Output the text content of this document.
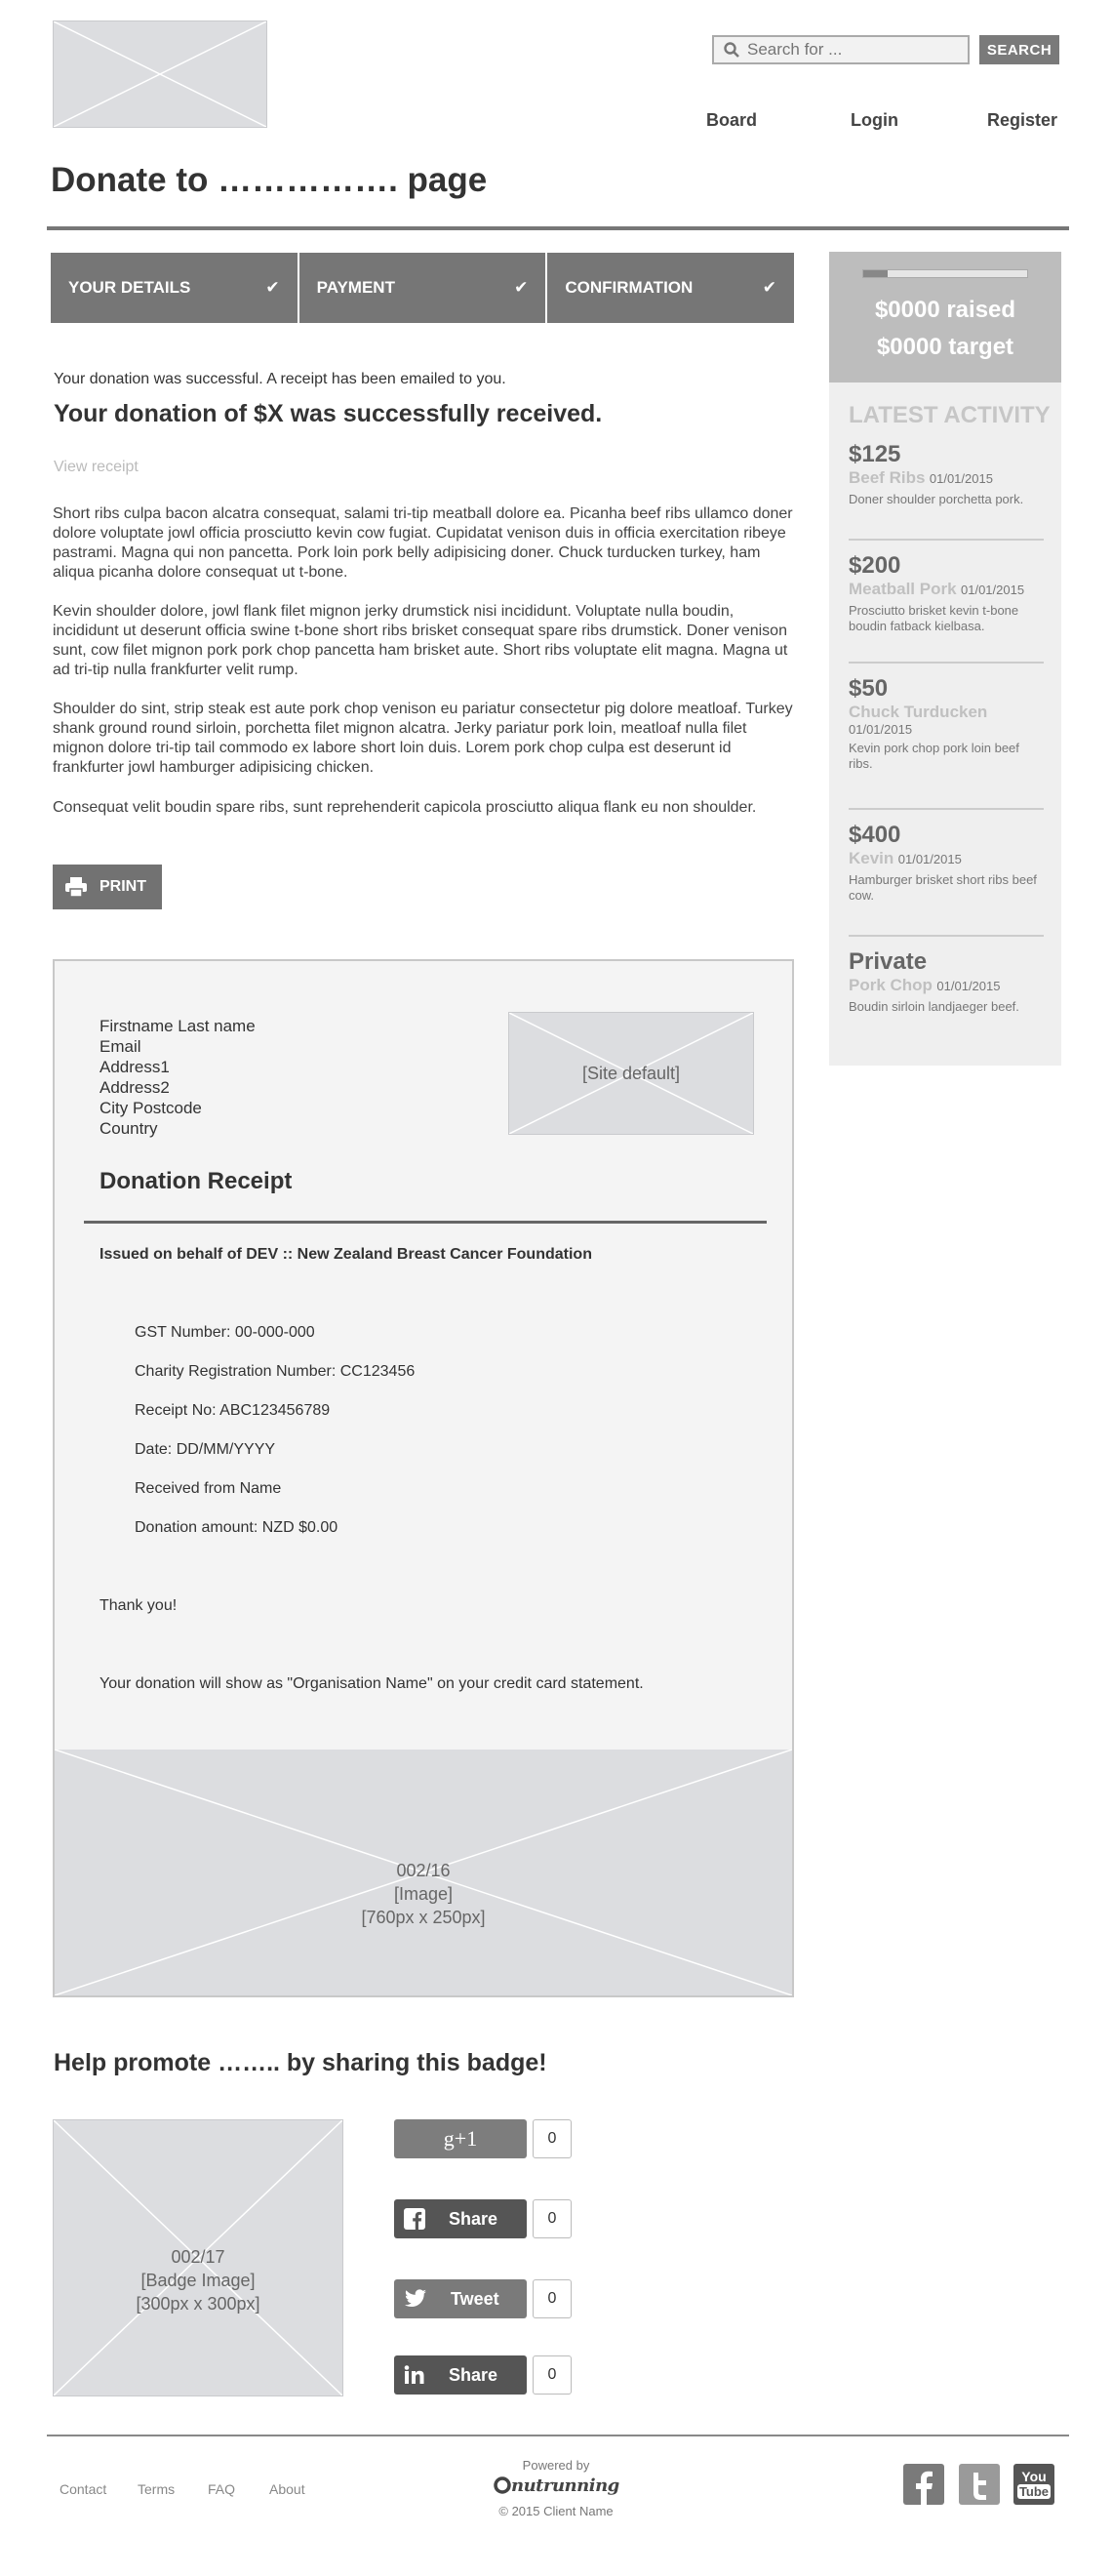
Search for ...
SEARCH
Board	Login	Register
Donate to ……………. page
YOUR DETAILS	✔ PAYMENT	✔ CONFIRMATION	✔
Your donation was successful. A receipt has been emailed to you.
Your donation of $X was successfully received.
View receipt

Short ribs culpa bacon alcatra consequat, salami tri-tip meatball dolore ea. Picanha beef ribs ullamco doner dolore voluptate jowl officia prosciutto kevin cow fugiat. Cupidatat venison duis in officia exercitation ribeye pastrami. Magna qui non pancetta. Pork loin pork belly adipisicing doner. Chuck turducken turkey, ham aliqua picanha dolore consequat ut t-bone.

Kevin shoulder dolore, jowl flank filet mignon jerky drumstick nisi incididunt. Voluptate nulla boudin, incididunt ut deserunt officia swine t-bone short ribs brisket consequat spare ribs drumstick. Doner venison sunt, cow filet mignon pork pork chop pancetta ham brisket aute. Short ribs voluptate elit magna. Magna ut ad tri-tip nulla frankfurter velit rump.

Shoulder do sint, strip steak est aute pork chop venison eu pariatur consectetur pig dolore meatloaf. Turkey shank ground round sirloin, porchetta filet mignon alcatra. Jerky pariatur pork loin, meatloaf nulla filet mignon dolore tri-tip tail commodo ex labore short loin duis. Lorem pork chop culpa est deserunt id frankfurter jowl hamburger adipisicing chicken.

Consequat velit boudin spare ribs, sunt reprehenderit capicola prosciutto aliqua flank eu non shoulder.

PRINT
Firstname Last name
Email
Address1
Address2
City Postcode
Country
[Site default]
Donation Receipt
Issued on behalf of DEV :: New Zealand Breast Cancer Foundation
GST Number: 00-000-000
Charity Registration Number: CC123456
Receipt No: ABC123456789
Date: DD/MM/YYYY
Received from Name
Donation amount: NZD $0.00
Thank you!
Your donation will show as "Organisation Name" on your credit card statement.
002/16
[Image]
[760px x 250px]
$0000 raised
$0000 target
LATEST ACTIVITY
$125
Beef Ribs 01/01/2015
Doner shoulder porchetta pork.
$200
Meatball Pork 01/01/2015
Prosciutto brisket kevin t-bone boudin fatback kielbasa.
$50
Chuck Turducken
01/01/2015
Kevin pork chop pork loin beef ribs.
$400
Kevin 01/01/2015
Hamburger brisket short ribs beef cow.
Private
Pork Chop 01/01/2015
Boudin sirloin landjaeger beef.
Help promote …….. by sharing this badge!
002/17
[Badge Image]
[300px x 300px]
g+1	0
Share	0
Tweet	0
Share	0
Contact Terms FAQ About
Powered by
nutrunning
© 2015 Client Name
You
Tube
